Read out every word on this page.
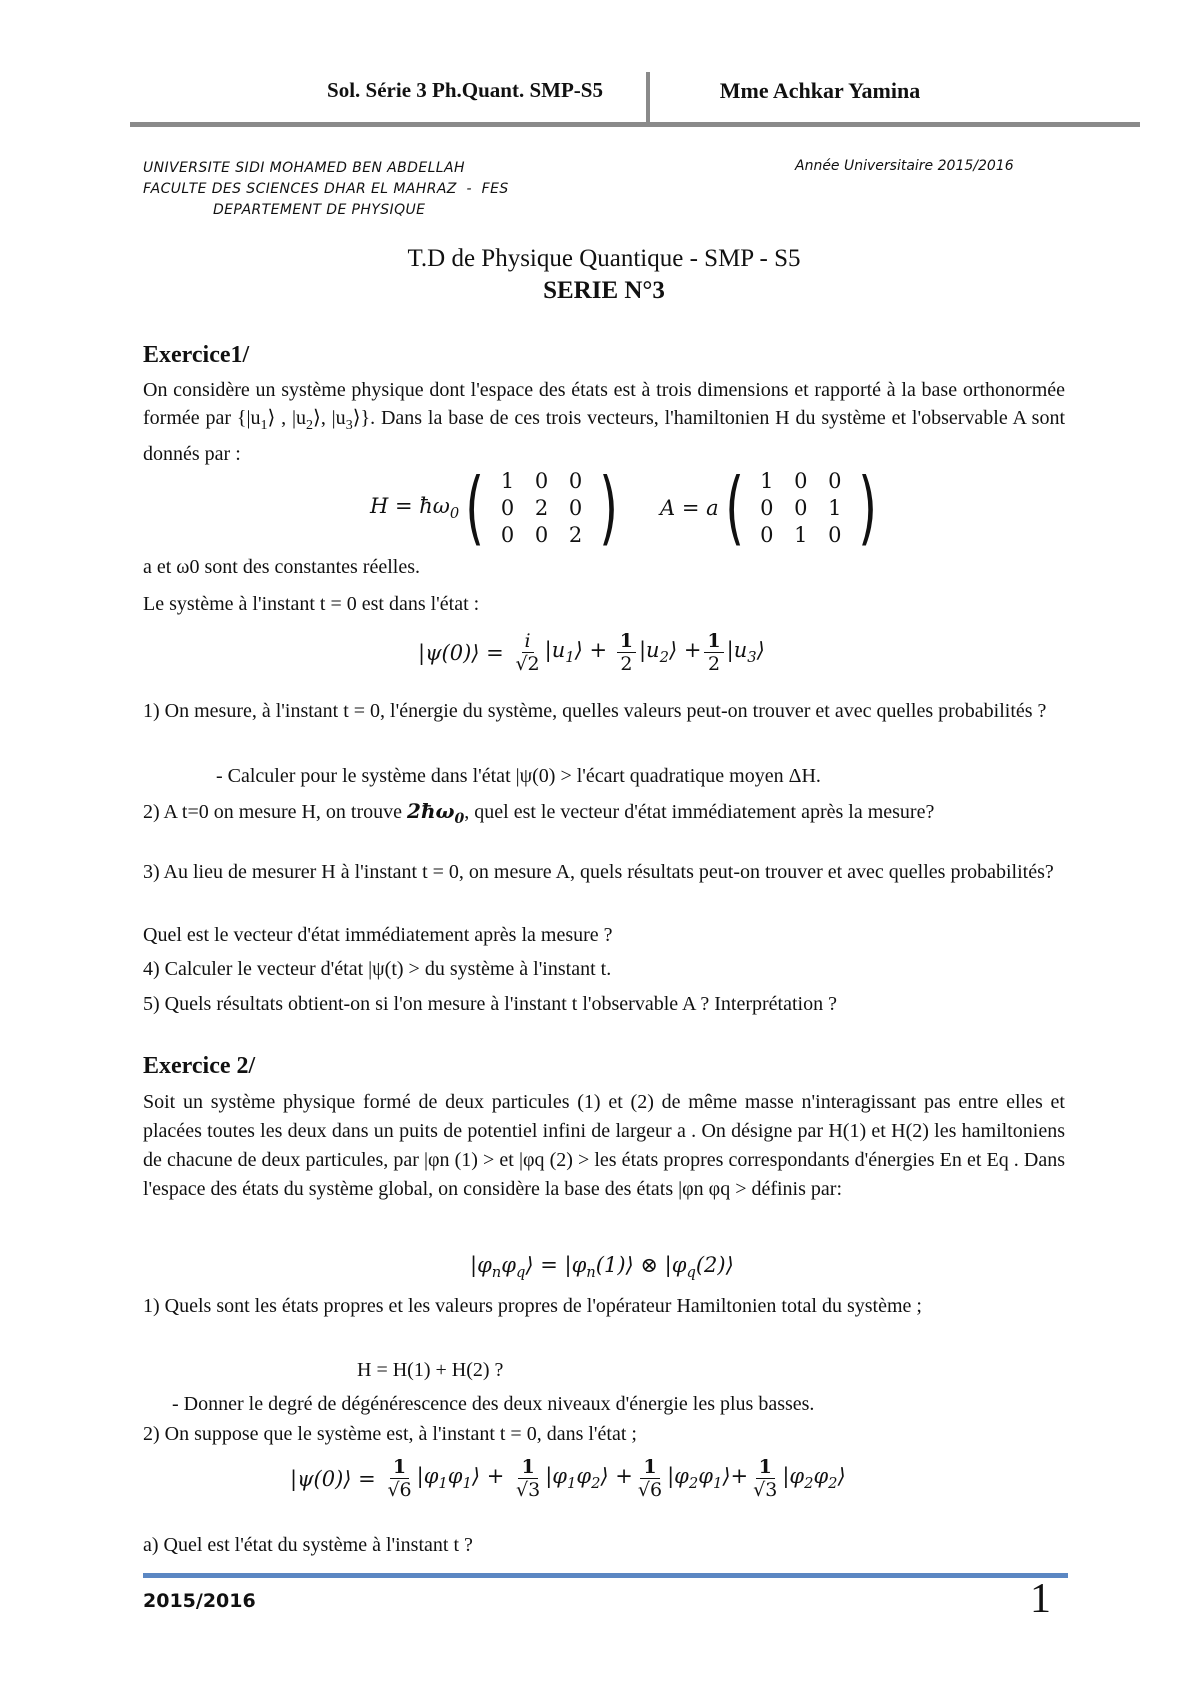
Sol. Série 3 Ph.Quant. SMP-S5	Mme Achkar Yamina
UNIVERSITE SIDI MOHAMED BEN ABDELLAH
FACULTE DES SCIENCES DHAR EL MAHRAZ  -  FES
DEPARTEMENT DE PHYSIQUE
Année Universitaire 2015/2016
T.D de Physique Quantique - SMP - S5
SERIE N°3
Exercice1/
On considère un système physique dont l'espace des états est à trois dimensions et rapporté à la base orthonormée formée par {$|u_1⟩$ , $|u_2⟩$, $|u_3⟩$}. Dans la base de ces trois vecteurs, l'hamiltonien H du système et l'observable A sont donnés par :
$H = ħ\omega_0$ ( 1 0 0
0 2 0
0 0 2 ) A = a ( 1 0 0
0 0 1
0 1 0 )
a et ω0 sont des constantes réelles.
Le système à l'instant t = 0 est dans l'état :
|ψ(0)⟩ = $\frac{i}{√2}$ $|u_1⟩ + \frac{1}{2}$ $|u_2⟩ + \frac{1}{2}$ $|u_3⟩$
1) On mesure, à l'instant t = 0, l'énergie du système, quelles valeurs peut-on trouver et avec quelles probabilités ?
- Calculer pour le système dans l'état |ψ(0) > l'écart quadratique moyen ΔH.
2) A t=0 on mesure H, on trouve $2ħ\omega_0$, quel est le vecteur d'état immédiatement après la mesure?
3) Au lieu de mesurer H à l'instant t = 0, on mesure A, quels résultats peut-on trouver et avec quelles probabilités?
Quel est le vecteur d'état immédiatement après la mesure ?
4) Calculer le vecteur d'état |ψ(t) > du système à l'instant t.
5) Quels résultats obtient-on si l'on mesure à l'instant t l'observable A ? Interprétation ?
Exercice 2/
Soit un système physique formé de deux particules (1) et (2) de même masse n'interagissant pas entre elles et placées toutes les deux dans un puits de potentiel infini de largeur a . On désigne par H(1) et H(2) les hamiltoniens de chacune de deux particules, par |φn (1) > et |φq (2) > les états propres correspondants d'énergies En et Eq . Dans l'espace des états du système global, on considère la base des états |φn φq > définis par:
$|\varphi_n\varphi_q⟩$ = $|\varphi_n(1)⟩$ ⊗ $|\varphi_q(2)⟩$
1) Quels sont les états propres et les valeurs propres de l'opérateur Hamiltonien total du système ;
H = H(1) + H(2) ?
- Donner le degré de dégénérescence des deux niveaux d'énergie les plus basses.
2) On suppose que le système est, à l'instant t = 0, dans l'état ;
|ψ(0)⟩ = $\frac{1}{√6}$ $|\varphi_1\varphi_1⟩ + \frac{1}{√3}$ $|\varphi_1\varphi_2⟩ + \frac{1}{√6}$ $|\varphi_2\varphi_1⟩+ \frac{1}{√3}$ $|\varphi_2\varphi_2⟩$
a) Quel est l'état du système à l'instant t ?
2015/2016	1
